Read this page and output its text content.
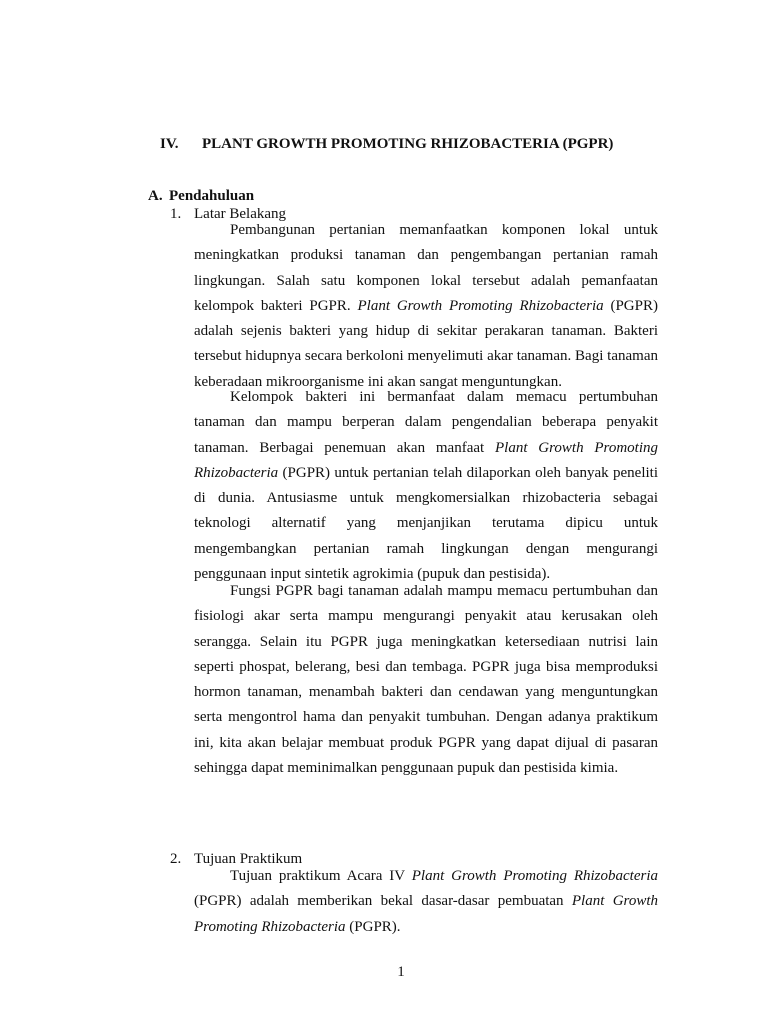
IV. PLANT GROWTH PROMOTING RHIZOBACTERIA (PGPR)
A. Pendahuluan
1. Latar Belakang

Pembangunan pertanian memanfaatkan komponen lokal untuk meningkatkan produksi tanaman dan pengembangan pertanian ramah lingkungan. Salah satu komponen lokal tersebut adalah pemanfaatan kelompok bakteri PGPR. Plant Growth Promoting Rhizobacteria (PGPR) adalah sejenis bakteri yang hidup di sekitar perakaran tanaman. Bakteri tersebut hidupnya secara berkoloni menyelimuti akar tanaman. Bagi tanaman keberadaan mikroorganisme ini akan sangat menguntungkan.

Kelompok bakteri ini bermanfaat dalam memacu pertumbuhan tanaman dan mampu berperan dalam pengendalian beberapa penyakit tanaman. Berbagai penemuan akan manfaat Plant Growth Promoting Rhizobacteria (PGPR) untuk pertanian telah dilaporkan oleh banyak peneliti di dunia. Antusiasme untuk mengkomersialkan rhizobacteria sebagai teknologi alternatif yang menjanjikan terutama dipicu untuk mengembangkan pertanian ramah lingkungan dengan mengurangi penggunaan input sintetik agrokimia (pupuk dan pestisida).

Fungsi PGPR bagi tanaman adalah mampu memacu pertumbuhan dan fisiologi akar serta mampu mengurangi penyakit atau kerusakan oleh serangga. Selain itu PGPR juga meningkatkan ketersediaan nutrisi lain seperti phospat, belerang, besi dan tembaga. PGPR juga bisa memproduksi hormon tanaman, menambah bakteri dan cendawan yang menguntungkan serta mengontrol hama dan penyakit tumbuhan. Dengan adanya praktikum ini, kita akan belajar membuat produk PGPR yang dapat dijual di pasaran sehingga dapat meminimalkan penggunaan pupuk dan pestisida kimia.

2. Tujuan Praktikum

Tujuan praktikum Acara IV Plant Growth Promoting Rhizobacteria (PGPR) adalah memberikan bekal dasar-dasar pembuatan Plant Growth Promoting Rhizobacteria (PGPR).

1
